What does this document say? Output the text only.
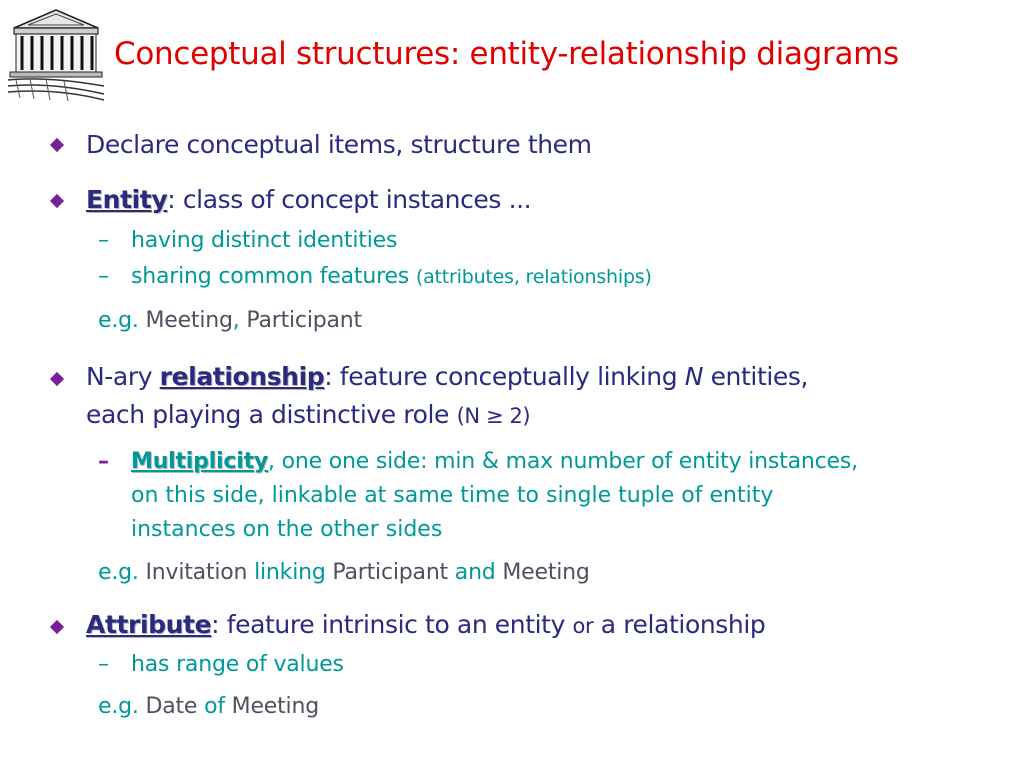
Conceptual structures: entity-relationship diagrams
Declare conceptual items, structure them
Entity: class of concept instances ...
– having distinct identities
– sharing common features (attributes, relationships)
e.g. Meeting, Participant
N-ary relationship: feature conceptually linking N entities,
each playing a distinctive role (N ≥ 2)
– Multiplicity, one one side: min & max number of entity instances,
on this side, linkable at same time to single tuple of entity
instances on the other sides
e.g. Invitation linking Participant and Meeting
Attribute: feature intrinsic to an entity or a relationship
– has range of values
e.g. Date of Meeting
